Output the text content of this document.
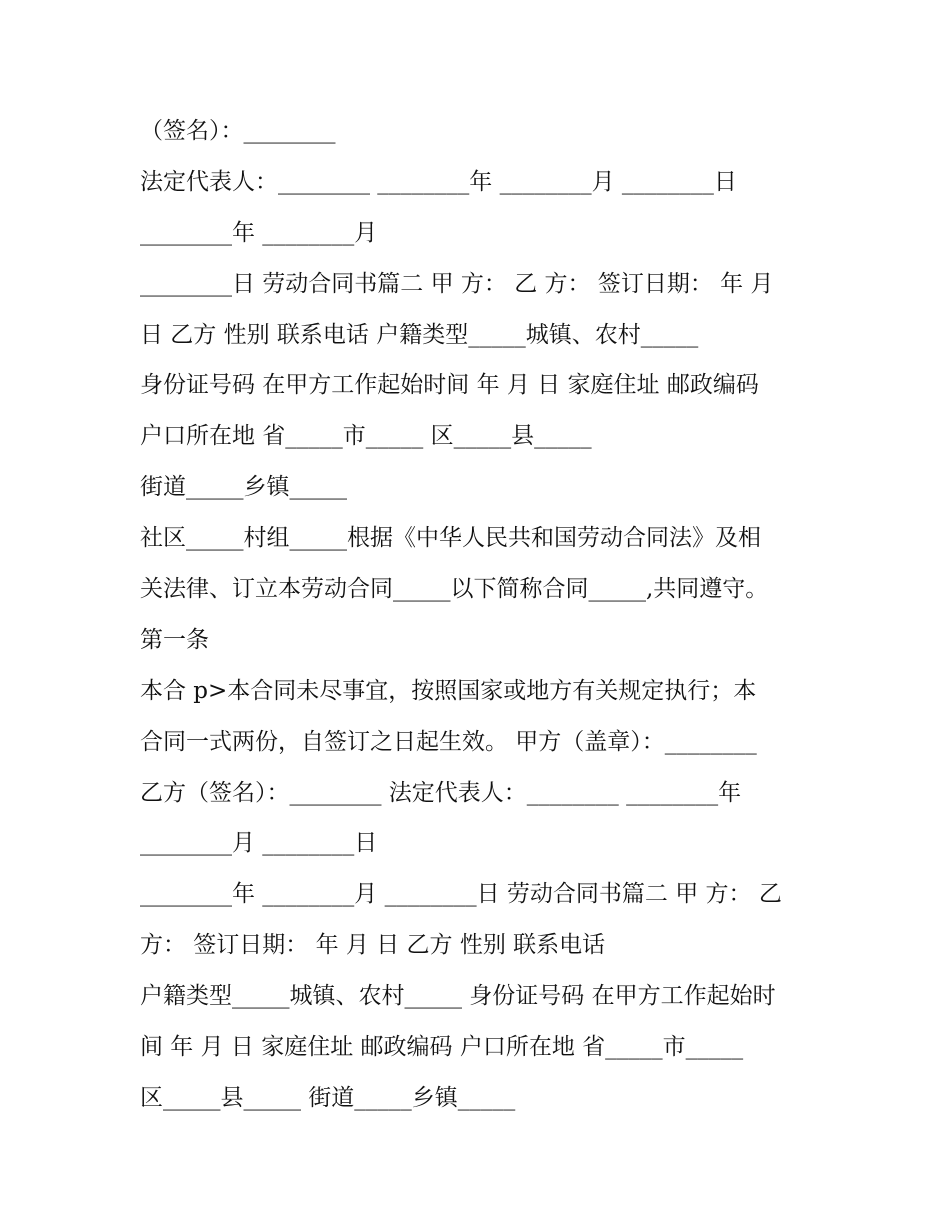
（签名）：________
法定代表人：________ ________年 ________月 ________日
________年 ________月
________日 劳动合同书篇二 甲 方： 乙 方： 签订日期： 年 月
日 乙方 性别 联系电话 户籍类型_____城镇、农村_____
身份证号码 在甲方工作起始时间 年 月 日 家庭住址 邮政编码
户口所在地 省_____市_____ 区_____县_____
街道_____乡镇_____
社区_____村组_____根据《中华人民共和国劳动合同法》及相
关法律、订立本劳动合同_____以下简称合同_____,共同遵守。
第一条
本合 p>本合同未尽事宜，按照国家或地方有关规定执行；本
合同一式两份，自签订之日起生效。 甲方（盖章）：________
乙方（签名）：________ 法定代表人：________ ________年
________月 ________日
________年 ________月 ________日 劳动合同书篇二 甲 方： 乙
方： 签订日期： 年 月 日 乙方 性别 联系电话
户籍类型_____城镇、农村_____ 身份证号码 在甲方工作起始时
间 年 月 日 家庭住址 邮政编码 户口所在地 省_____市_____
区_____县_____ 街道_____乡镇_____
